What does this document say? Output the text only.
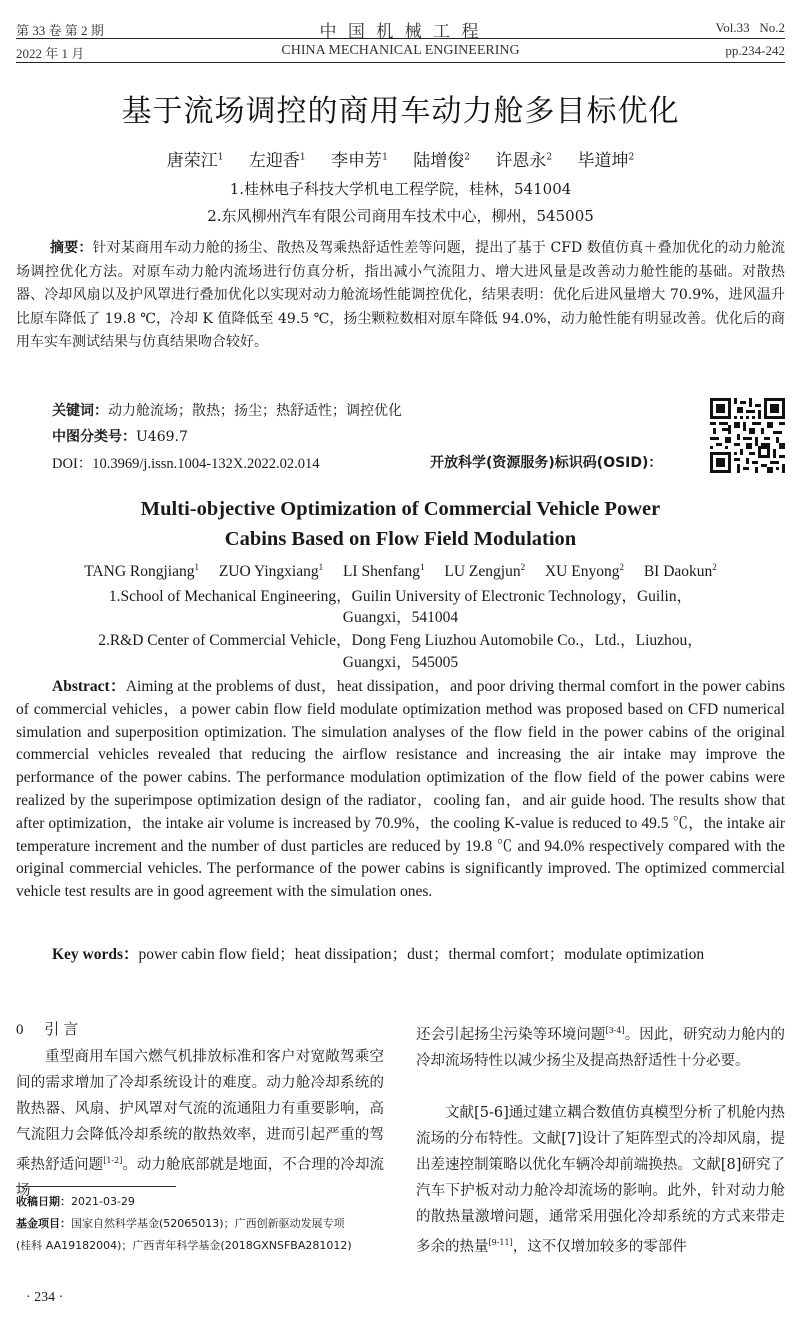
第 33 卷 第 2 期
2022 年 1 月
中 国 机 械 工 程
CHINA MECHANICAL ENGINEERING
Vol.33   No.2
pp.234-242
基于流场调控的商用车动力舱多目标优化
唐荣江$^1$ 左迎香$^1$ 李申芳$^1$ 陆增俊$^2$ 许恩永$^2$ 毕道坤$^2$
1.桂林电子科技大学机电工程学院，桂林，541004
2.东风柳州汽车有限公司商用车技术中心，柳州，545005
摘要：针对某商用车动力舱的扬尘、散热及驾乘热舒适性差等问题，提出了基于 CFD 数值仿真＋叠加优化的动力舱流场调控优化方法。对原车动力舱内流场进行仿真分析，指出减小气流阻力、增大进风量是改善动力舱性能的基础。对散热器、冷却风扇以及护风罩进行叠加优化以实现对动力舱流场性能调控优化，结果表明：优化后进风量增大 70.9%，进风温升比原车降低了 19.8 ℃，冷却 K 值降低至 49.5 ℃，扬尘颗粒数相对原车降低 94.0%，动力舱性能有明显改善。优化后的商用车实车测试结果与仿真结果吻合较好。
关键词：动力舱流场；散热；扬尘；热舒适性；调控优化
中图分类号：U469.7
DOI：10.3969/j.issn.1004-132X.2022.02.014	开放科学(资源服务)标识码(OSID)：
Multi-objective Optimization of Commercial Vehicle Power
Cabins Based on Flow Field Modulation
TANG Rongjiang$^1$ ZUO Yingxiang$^1$ LI Shenfang$^1$ LU Zengjun$^2$ XU Enyong$^2$ BI Daokun$^2$
1.School of Mechanical Engineering，Guilin University of Electronic Technology，Guilin，
Guangxi，541004
2.R&D Center of Commercial Vehicle，Dong Feng Liuzhou Automobile Co.，Ltd.，Liuzhou，
Guangxi，545005
Abstract：Aiming at the problems of dust，heat dissipation，and poor driving thermal comfort in the power cabins of commercial vehicles，a power cabin flow field modulate optimization method was proposed based on CFD numerical simulation and superposition optimization. The simulation analyses of the flow field in the power cabins of the original commercial vehicles revealed that reducing the airflow resistance and increasing the air intake may improve the performance of the power cabins. The performance modulation optimization of the flow field of the power cabins were realized by the superimpose optimization design of the radiator，cooling fan，and air guide hood. The results show that after optimization，the intake air volume is increased by 70.9%，the cooling K-value is reduced to 49.5 ℃，the intake air temperature increment and the number of dust particles are reduced by 19.8 ℃ and 94.0% respectively compared with the original commercial vehicles. The performance of the power cabins is significantly improved. The optimized commercial vehicle test results are in good agreement with the simulation ones.
Key words：power cabin flow field；heat dissipation；dust；thermal comfort；modulate optimization
0 引言
重型商用车国六燃气机排放标准和客户对宽敞驾乘空间的需求增加了冷却系统设计的难度。动力舱冷却系统的散热器、风扇、护风罩对气流的流通阻力有重要影响，高气流阻力会降低冷却系统的散热效率，进而引起严重的驾乘热舒适问题[1-2]。动力舱底部就是地面，不合理的冷却流场
还会引起扬尘污染等环境问题[3-4]。因此，研究动力舱内的冷却流场特性以减少扬尘及提高热舒适性十分必要。
文献[5-6]通过建立耦合数值仿真模型分析了机舱内热流场的分布特性。文献[7]设计了矩阵型式的冷却风扇，提出差速控制策略以优化车辆冷却前端换热。文献[8]研究了汽车下护板对动力舱冷却流场的影响。此外，针对动力舱的散热量激增问题，通常采用强化冷却系统的方式来带走多余的热量[9-11]，这不仅增加较多的零部件
收稿日期：2021-03-29
基金项目：国家自然科学基金(52065013)；广西创新驱动发展专项
(桂科 AA19182004)；广西青年科学基金(2018GXNSFBA281012)
· 234 ·
